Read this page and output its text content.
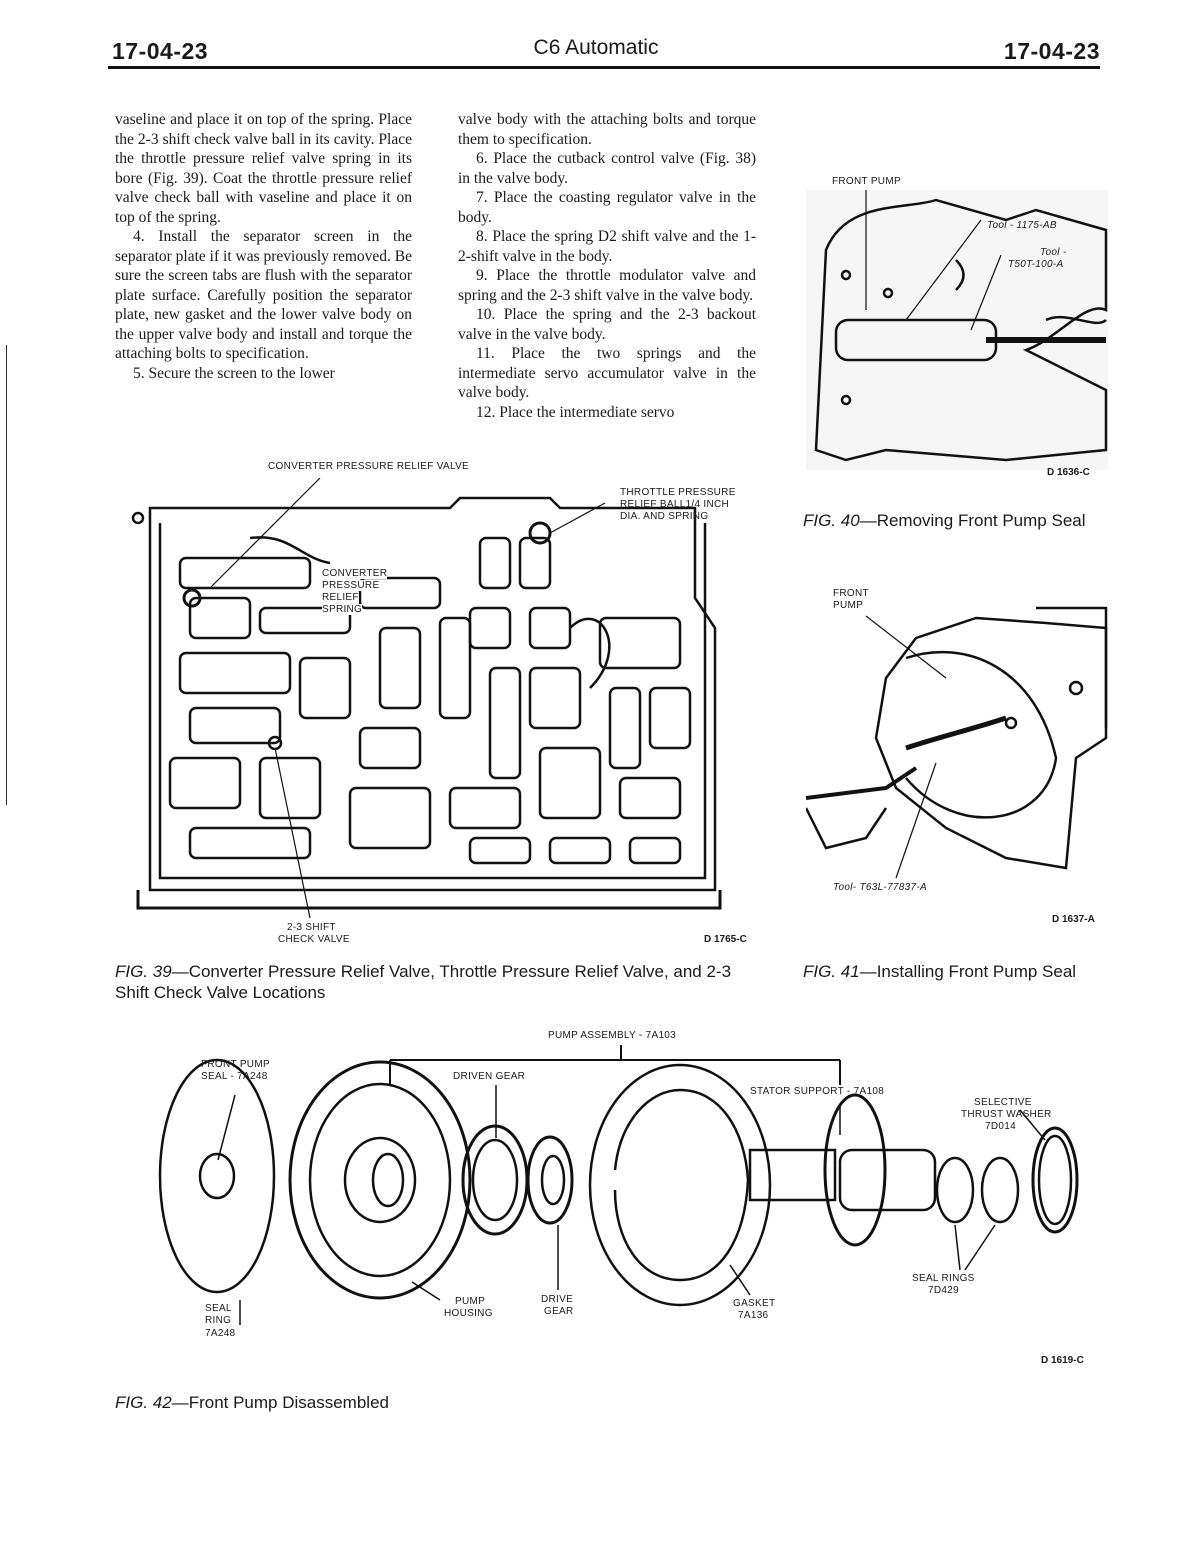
17-04-23	C6 Automatic	17-04-23

vaseline and place it on top of the spring. Place the 2-3 shift check valve ball in its cavity. Place the throttle pressure relief valve spring in its bore (Fig. 39). Coat the throttle pressure relief valve check ball with vaseline and place it on top of the spring.

4. Install the separator screen in the separator plate if it was previously removed. Be sure the screen tabs are flush with the separator plate surface. Carefully position the separator plate, new gasket and the lower valve body on the upper valve body and install and torque the attaching bolts to specification.

5. Secure the screen to the lower

valve body with the attaching bolts and torque them to specification.

6. Place the cutback control valve (Fig. 38) in the valve body.

7. Place the coasting regulator valve in the body.

8. Place the spring D2 shift valve and the 1-2-shift valve in the body.

9. Place the throttle modulator valve and spring and the 2-3 shift valve in the valve body.

10. Place the spring and the 2-3 backout valve in the valve body.

11. Place the two springs and the intermediate servo accumulator valve in the valve body.

12. Place the intermediate servo

CONVERTER PRESSURE RELIEF VALVE
THROTTLE PRESSURE
RELIEF BALL1/4 INCH
DIA. AND SPRING
CONVERTER
PRESSURE
RELIEF
SPRING
2-3 SHIFT
CHECK VALVE	D 1765-C
FIG. 39—Converter Pressure Relief Valve, Throttle Pressure Relief Valve, and 2-3 Shift Check Valve Locations
FRONT PUMP
Tool - 1175-AB
Tool -
T50T-100-A
D 1636-C
FIG. 40—Removing Front Pump Seal
FRONT
PUMP
Tool- T63L-77837-A
D 1637-A
FIG. 41—Installing Front Pump Seal
PUMP ASSEMBLY - 7A103
FRONT PUMP
SEAL - 7A248	DRIVEN GEAR
STATOR SUPPORT - 7A108
SELECTIVE
THRUST WASHER
7D014
SEAL
RING
7A248
PUMP
HOUSING
DRIVE
GEAR
GASKET
7A136
SEAL RINGS
7D429
D 1619-C
FIG. 42—Front Pump Disassembled
